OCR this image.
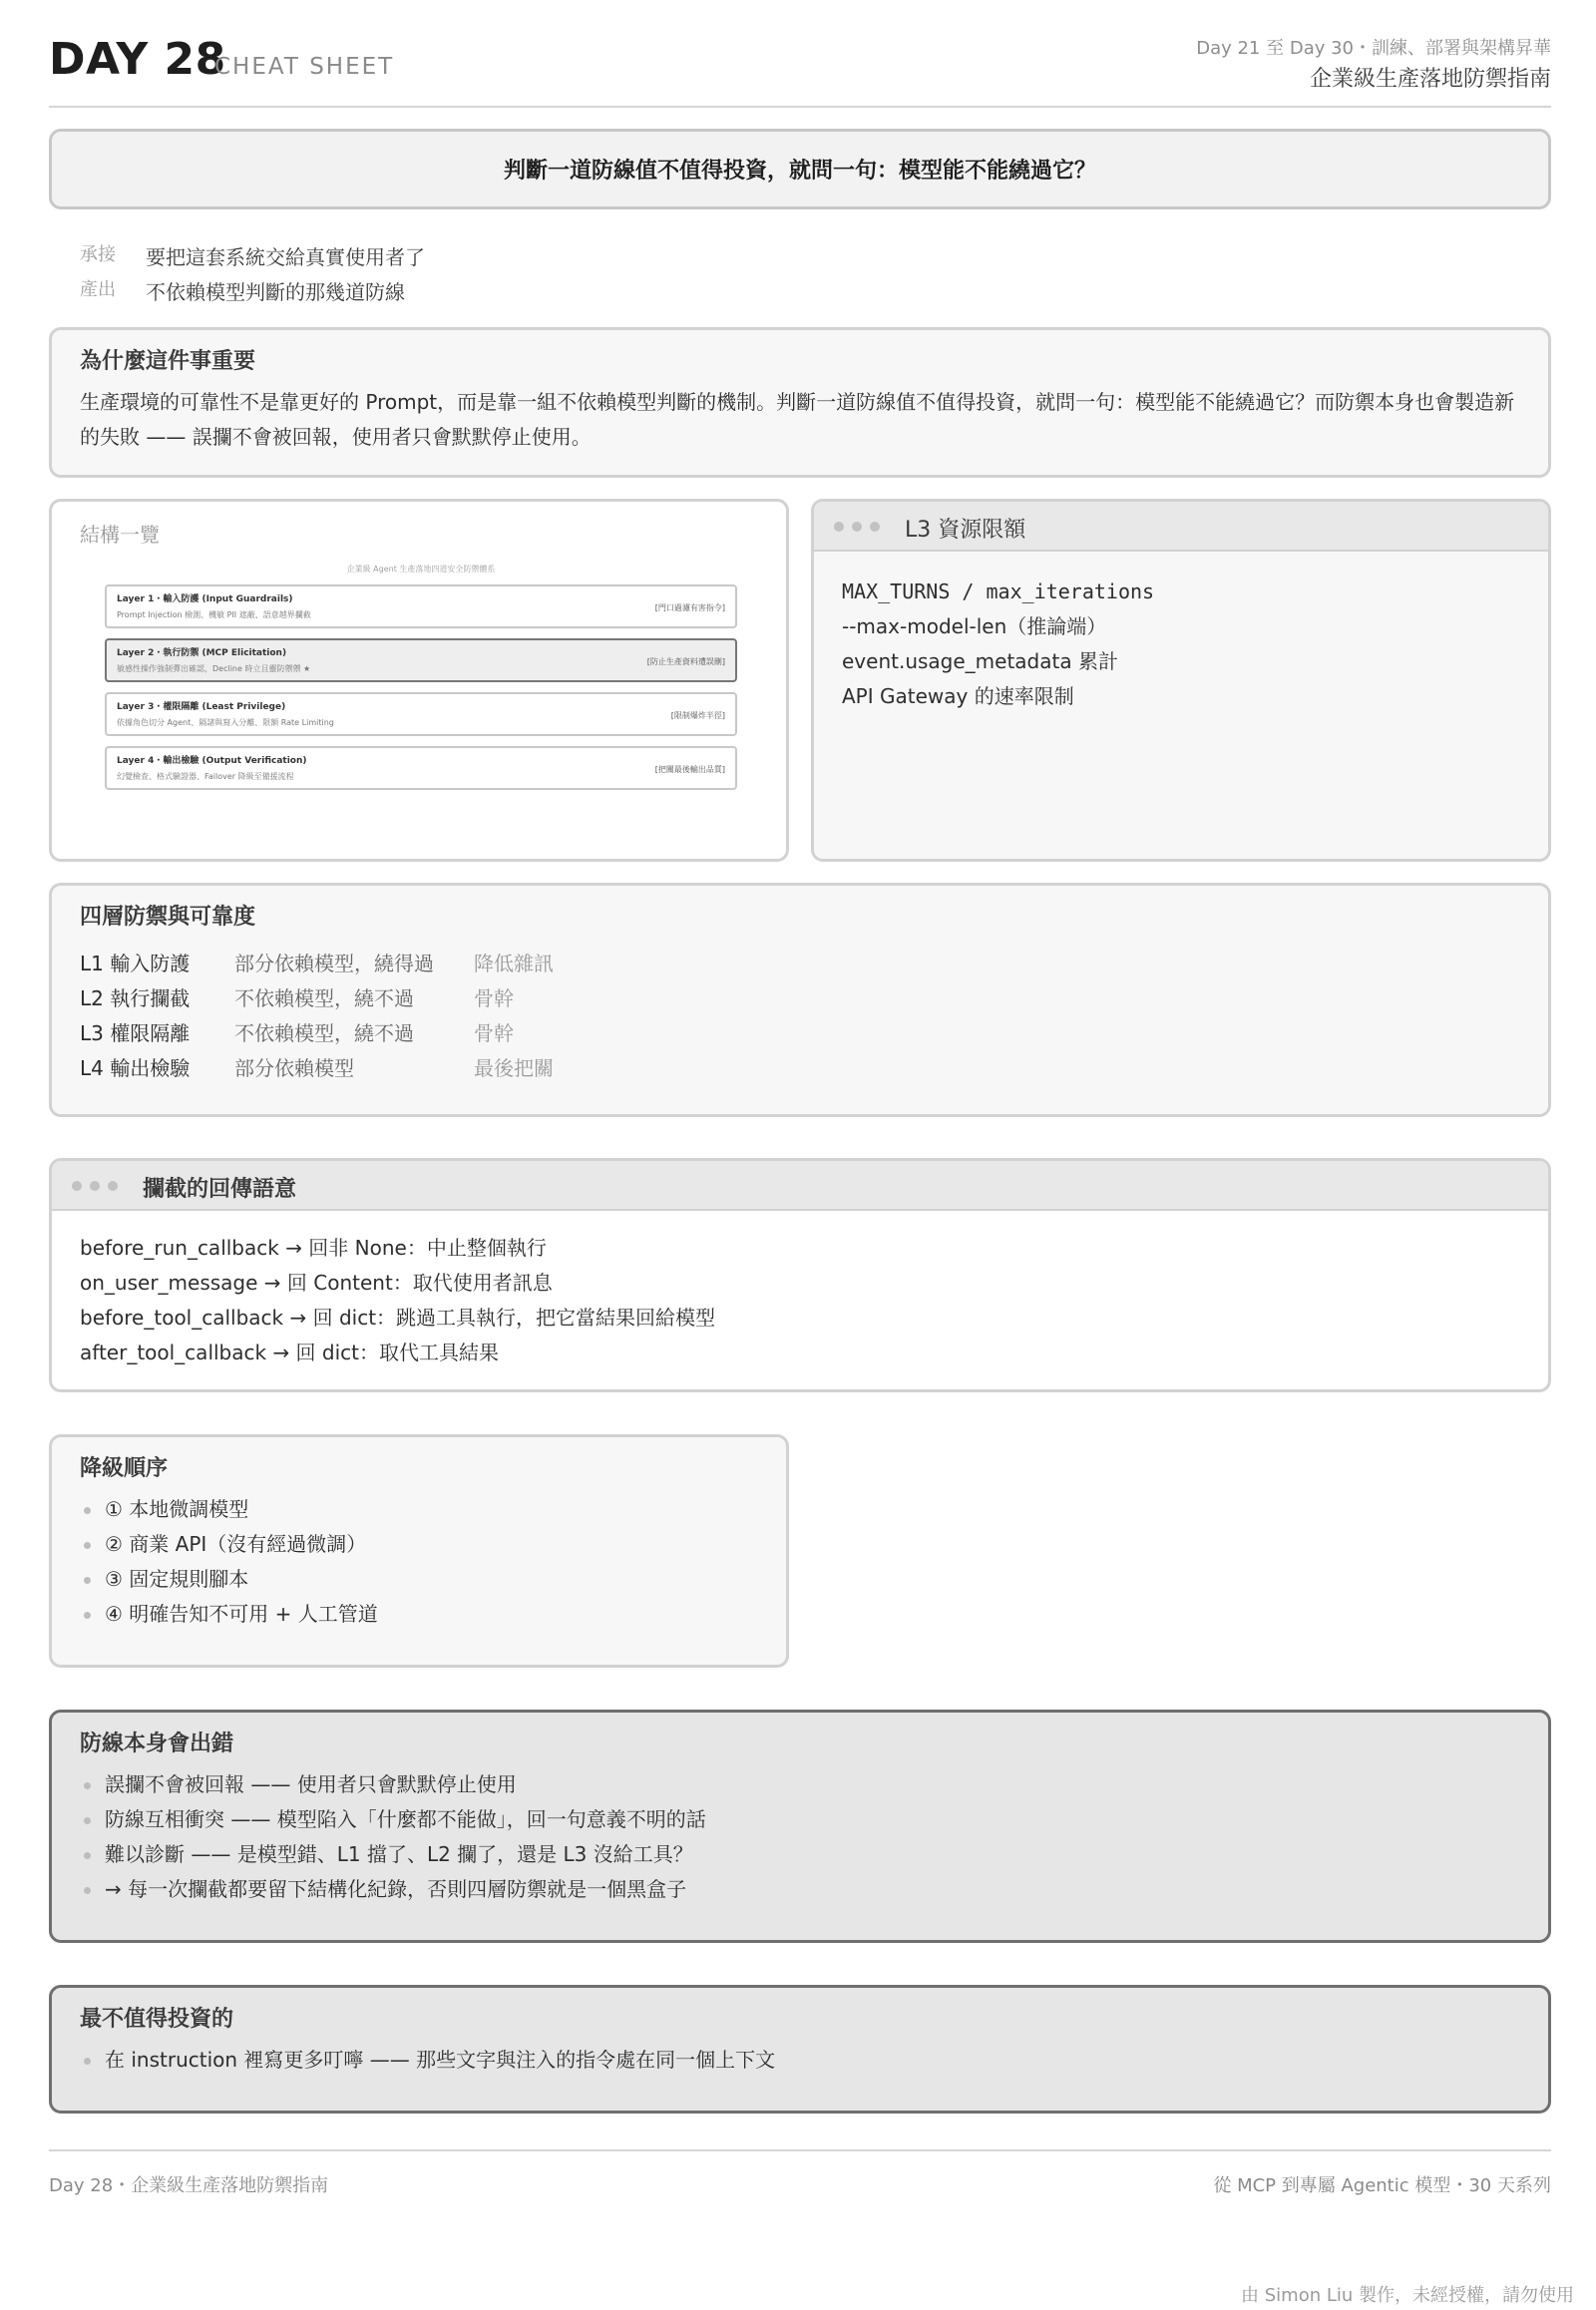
DAY 28
CHEAT SHEET
Day 21 至 Day 30・訓練、部署與架構昇華
企業級生產落地防禦指南
判斷一道防線值不值得投資，就問一句：模型能不能繞過它？
承接	要把這套系統交給真實使用者了
產出	不依賴模型判斷的那幾道防線
為什麼這件事重要
生產環境的可靠性不是靠更好的 Prompt，而是靠一組不依賴模型判斷的機制。判斷一道防線值不值得投資，就問一句：模型能不能繞過它？而防禦本身也會製造新的失敗 —— 誤攔不會被回報，使用者只會默默停止使用。
結構一覽
企業級 Agent 生產落地四道安全防禦體系
Layer 1・輸入防護 (Input Guardrails)
Prompt Injection 檢測、機敏 PII 遮蔽、語意越界攔截
[門口過濾有害指令]
Layer 2・執行防禦 (MCP Elicitation)
敏感性操作強制彈出確認，Decline 時立且靈防禦禦 ★
[防止生產資料遭誤刪]
Layer 3・權限隔離 (Least Privilege)
依據角色切分 Agent、隔諸與寫入分離、限額 Rate Limiting
[限制爆炸半徑]
Layer 4・輸出檢驗 (Output Verification)
幻覺檢查、格式驗證器、Failover 降級至備援流程
[把關最後輸出品質]
L3 資源限額
MAX_TURNS / max_iterations
--max-model-len（推論端）
event.usage_metadata 累計
API Gateway 的速率限制
四層防禦與可靠度
L1 輸入防護	部分依賴模型，繞得過	降低雜訊
L2 執行攔截	不依賴模型，繞不過	骨幹
L3 權限隔離	不依賴模型，繞不過	骨幹
L4 輸出檢驗	部分依賴模型	最後把關
攔截的回傳語意
before_run_callback → 回非 None：中止整個執行
on_user_message → 回 Content：取代使用者訊息
before_tool_callback → 回 dict：跳過工具執行，把它當結果回給模型
after_tool_callback → 回 dict：取代工具結果
降級順序
① 本地微調模型
② 商業 API（沒有經過微調）
③ 固定規則腳本
④ 明確告知不可用 + 人工管道
防線本身會出錯
誤攔不會被回報 —— 使用者只會默默停止使用
防線互相衝突 —— 模型陷入「什麼都不能做」，回一句意義不明的話
難以診斷 —— 是模型錯、L1 擋了、L2 攔了，還是 L3 沒給工具？
→ 每一次攔截都要留下結構化紀錄，否則四層防禦就是一個黑盒子
最不值得投資的
在 instruction 裡寫更多叮嚀 —— 那些文字與注入的指令處在同一個上下文
Day 28・企業級生產落地防禦指南	從 MCP 到專屬 Agentic 模型・30 天系列
由 Simon Liu 製作，未經授權，請勿使用
